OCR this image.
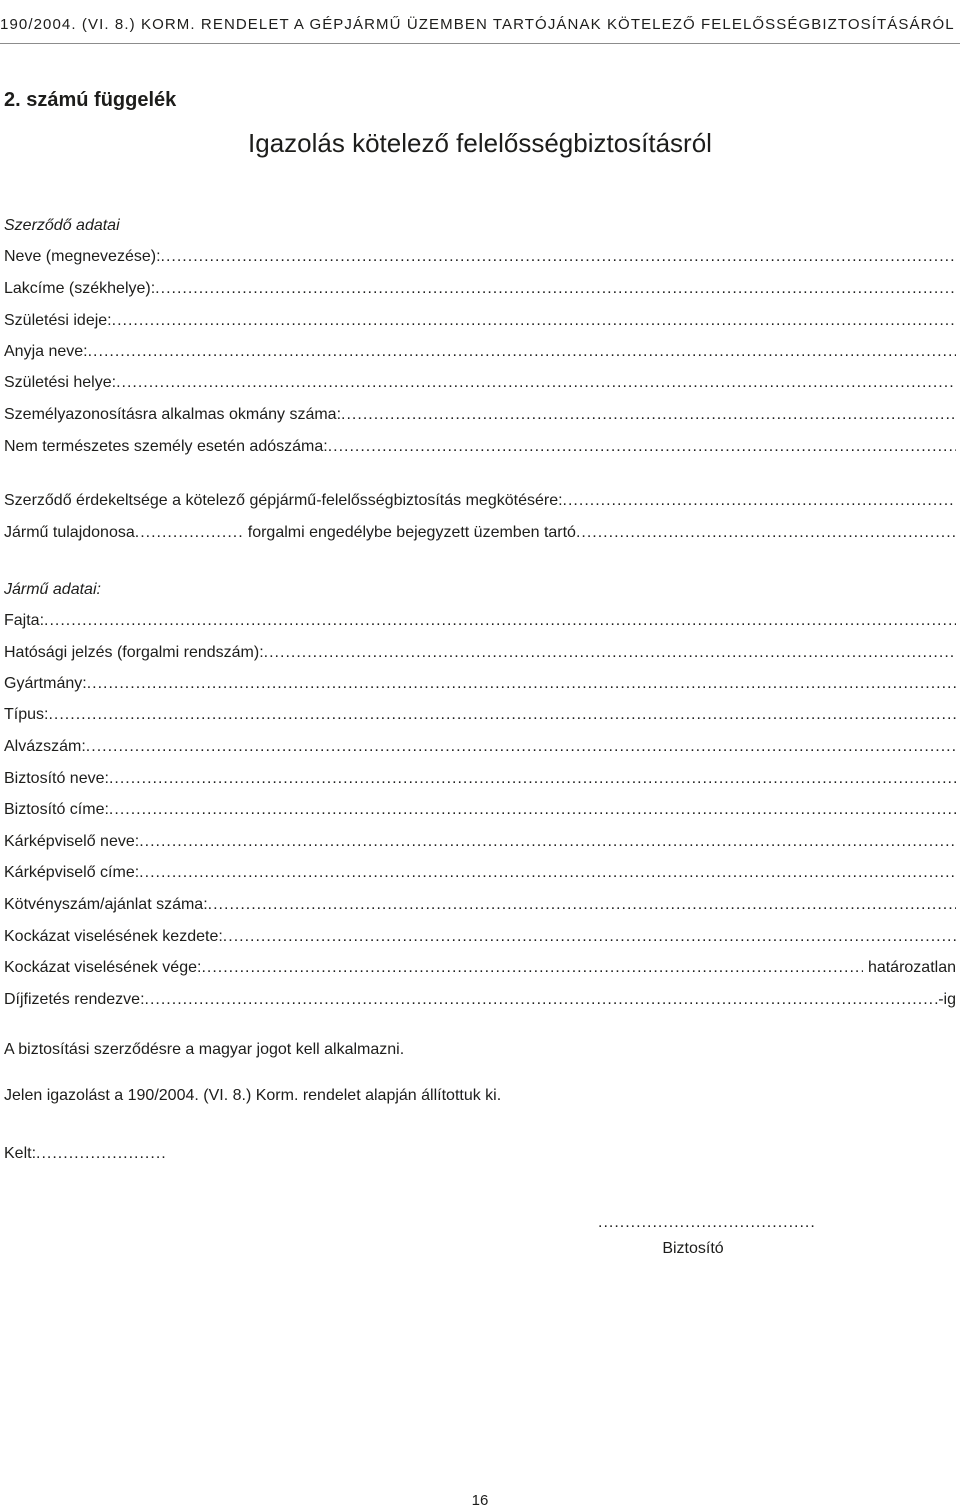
190/2004. (VI. 8.) KORM. RENDELET A GÉPJÁRMŰ ÜZEMBEN TARTÓJÁNAK KÖTELEZŐ FELELŐSSÉGBIZTOSÍTÁSÁRÓL
2. számú függelék
Igazolás kötelező felelősségbiztosításról
Szerződő adatai
Neve (megnevezése):
.....
Lakcíme (székhelye):
.....
Születési ideje:
.....
Anyja neve:
.....
Születési helye:
.....
Személyazonosításra alkalmas okmány száma:
.....
Nem természetes személy esetén adószáma:
.....
Szerződő érdekeltsége a kötelező gépjármű-felelősségbiztosítás megkötésére:
.....
Jármű tulajdonosa .....	forgalmi engedélybe bejegyzett üzemben tartó
.....
Jármű adatai:
Fajta:
.....
Hatósági jelzés (forgalmi rendszám):
.....
Gyártmány:
.....
Típus:
.....
Alvázszám:
.....
Biztosító neve:
.....
Biztosító címe:
.....
Kárképviselő neve:
.....
Kárképviselő címe:
.....
Kötvényszám/ajánlat száma:
.....
Kockázat viselésének kezdete:
.....
Kockázat viselésének vége: .....	határozatlan
Díjfizetés rendezve: .....	-ig
A biztosítási szerződésre a magyar jogot kell alkalmazni.
Jelen igazolást a 190/2004. (VI. 8.) Korm. rendelet alapján állítottuk ki.
Kelt:........................
........................................
Biztosító
16
